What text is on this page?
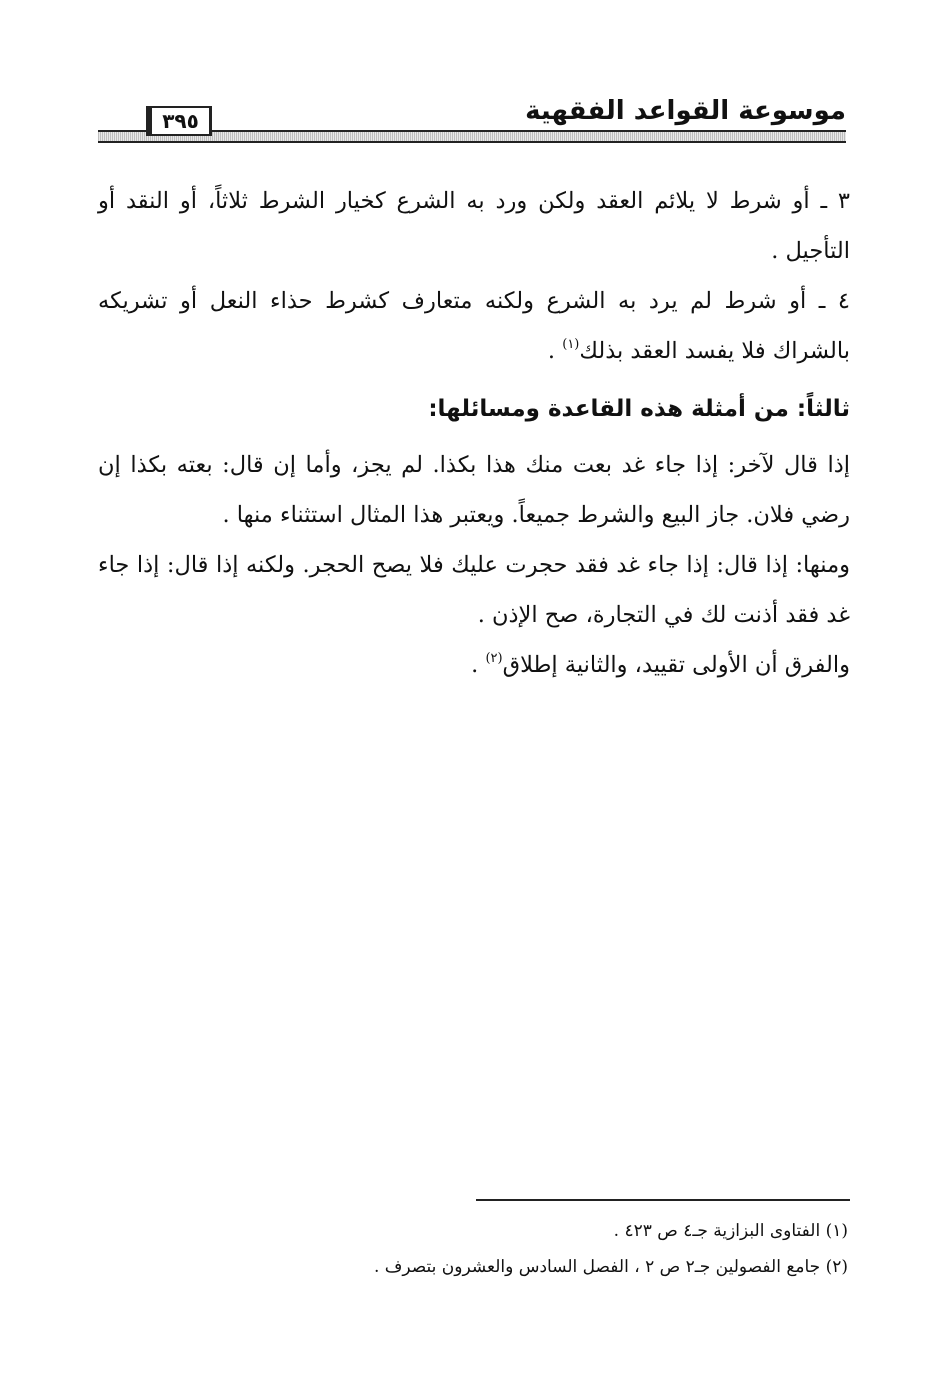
٣٩٥	موسوعة القواعد الفقهية

٣ ـ أو شرط لا يلائم العقد ولكن ورد به الشرع كخيار الشرط ثلاثاً، أو النقد أو التأجيل .

٤ ـ أو شرط لم يرد به الشرع ولكنه متعارف كشرط حذاء النعل أو تشريكه بالشراك فلا يفسد العقد بذلك$^{(١)}$ .

ثالثاً: من أمثلة هذه القاعدة ومسائلها:

إذا قال لآخر: إذا جاء غد بعت منك هذا بكذا. لم يجز، وأما إن قال: بعته بكذا إن رضي فلان. جاز البيع والشرط جميعاً. ويعتبر هذا المثال استثناء منها .

ومنها: إذا قال: إذا جاء غد فقد حجرت عليك فلا يصح الحجر. ولكنه إذا قال: إذا جاء غد فقد أذنت لك في التجارة، صح الإذن .

والفرق أن الأولى تقييد، والثانية إطلاق$^{(٢)}$ .

(١) الفتاوى البزازية جـ٤ ص ٤٢٣ .
(٢) جامع الفصولين جـ٢ ص ٢ ، الفصل السادس والعشرون بتصرف .
